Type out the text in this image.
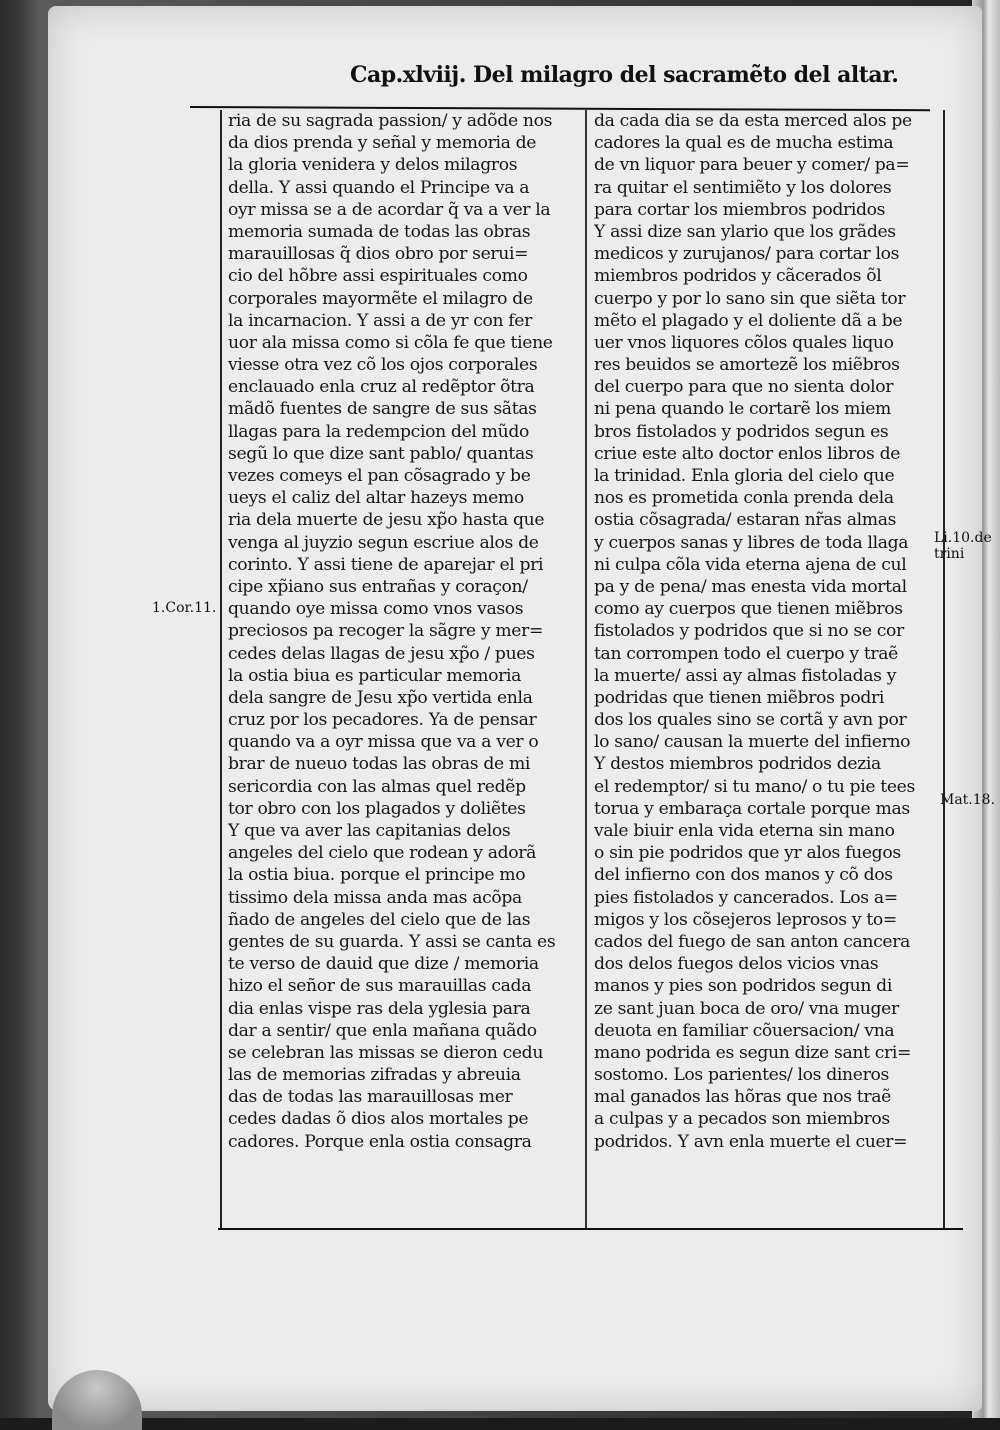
Cap.xlviij. Del milagro del sacramẽto del altar.
1.Cor.11.
Li.10.de trini
Mat.18.
ria de su sagrada passion/ y adõde nos
da dios prenda y señal y memoria de
la gloria venidera y delos milagros
della. Y assi quando el Principe va a
oyr missa se a de acordar q̃ va a ver la
memoria sumada de todas las obras
marauillosas q̃ dios obro por serui=
cio del hõbre assi espirituales como
corporales mayormẽte el milagro de
la incarnacion. Y assi a de yr con fer
uor ala missa como si cõla fe que tiene
viesse otra vez cõ los ojos corporales
enclauado enla cruz al redẽptor õtra
mãdõ fuentes de sangre de sus sãtas
llagas para la redempcion del mũdo
segũ lo que dize sant pablo/ quantas
vezes comeys el pan cõsagrado y be
ueys el caliz del altar hazeys memo
ria dela muerte de jesu xp̃o hasta que
venga al juyzio segun escriue alos de
corinto. Y assi tiene de aparejar el pri
cipe xp̃iano sus entrañas y coraçon/
quando oye missa como vnos vasos
preciosos pa recoger la sãgre y mer=
cedes delas llagas de jesu xp̃o / pues
la ostia biua es particular memoria
dela sangre de Jesu xp̃o vertida enla
cruz por los pecadores. Ya de pensar
quando va a oyr missa que va a ver o
brar de nueuo todas las obras de mi
sericordia con las almas quel redẽp
tor obro con los plagados y doliẽtes
Y que va aver las capitanias delos
angeles del cielo que rodean y adorã
la ostia biua. porque el principe mo
tissimo dela missa anda mas acõpa
ñado de angeles del cielo que de las
gentes de su guarda. Y assi se canta es
te verso de dauid que dize / memoria
hizo el señor de sus marauillas cada
dia enlas vispe ras dela yglesia para
dar a sentir/ que enla mañana quãdo
se celebran las missas se dieron cedu
las de memorias zifradas y abreuia
das de todas las marauillosas mer
cedes dadas õ dios alos mortales pe
cadores. Porque enla ostia consagra
da cada dia se da esta merced alos pe
cadores la qual es de mucha estima
de vn liquor para beuer y comer/ pa=
ra quitar el sentimiẽto y los dolores
para cortar los miembros podridos
Y assi dize san ylario que los grãdes
medicos y zurujanos/ para cortar los
miembros podridos y cãcerados õl
cuerpo y por lo sano sin que siẽta tor
mẽto el plagado y el doliente dã a be
uer vnos liquores cõlos quales liquo
res beuidos se amortezẽ los miẽbros
del cuerpo para que no sienta dolor
ni pena quando le cortarẽ los miem
bros fistolados y podridos segun es
criue este alto doctor enlos libros de
la trinidad. Enla gloria del cielo que
nos es prometida conla prenda dela
ostia cõsagrada/ estaran nr̃as almas
y cuerpos sanas y libres de toda llaga
ni culpa cõla vida eterna ajena de cul
pa y de pena/ mas enesta vida mortal
como ay cuerpos que tienen miẽbros
fistolados y podridos que si no se cor
tan corrompen todo el cuerpo y traẽ
la muerte/ assi ay almas fistoladas y
podridas que tienen miẽbros podri
dos los quales sino se cortã y avn por
lo sano/ causan la muerte del infierno
Y destos miembros podridos dezia
el redemptor/ si tu mano/ o tu pie tees
torua y embaraça cortale porque mas
vale biuir enla vida eterna sin mano
o sin pie podridos que yr alos fuegos
del infierno con dos manos y cõ dos
pies fistolados y cancerados. Los a=
migos y los cõsejeros leprosos y to=
cados del fuego de san anton cancera
dos delos fuegos delos vicios vnas
manos y pies son podridos segun di
ze sant juan boca de oro/ vna muger
deuota en familiar cõuersacion/ vna
mano podrida es segun dize sant cri=
sostomo. Los parientes/ los dineros
mal ganados las hõras que nos traẽ
a culpas y a pecados son miembros
podridos. Y avn enla muerte el cuer=
